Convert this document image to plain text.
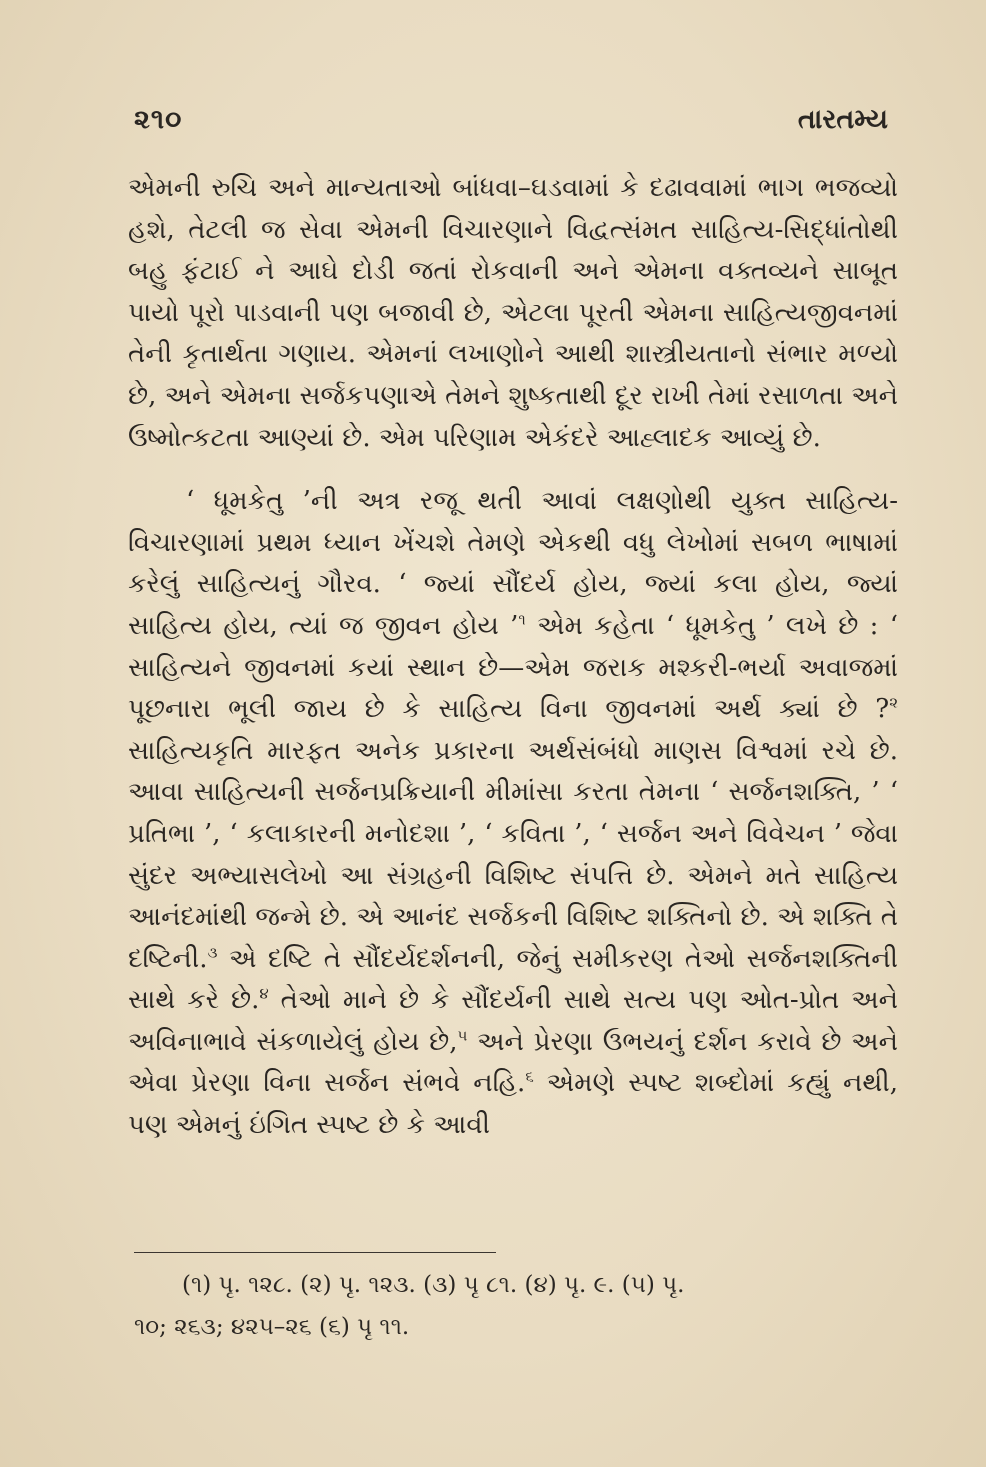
૨૧૦	તારતમ્ય

એમની રુચિ અને માન્યતાઓ બાંધવા–ઘડવામાં કે દઢાવવામાં ભાગ ભજવ્યો હશે, તેટલી જ સેવા એમની વિચારણાને વિદ્વત્સંમત સાહિત્ય-સિદ્ધાંતોથી બહુ ફંટાઈ ને આઘે દોડી જતાં રોકવાની અને એમના વક્તવ્યને સાબૂત પાયો પૂરો પાડવાની પણ બજાવી છે, એટલા પૂરતી એમના સાહિત્યજીવનમાં તેની કૃતાર્થતા ગણાય. એમનાં લખાણોને આથી શાસ્ત્રીયતાનો સંભાર મળ્યો છે, અને એમના સર્જકપણાએ તેમને શુષ્કતાથી દૂર રાખી તેમાં રસાળતા અને ઉષ્મોત્કટતા આણ્યાં છે. એમ પરિણામ એકંદરે આહ્લાદક આવ્યું છે.

‘ ધૂમકેતુ ’ની અત્ર રજૂ થતી આવાં લક્ષણોથી યુક્ત સાહિત્ય-વિચારણામાં પ્રથમ ધ્યાન ખેંચશે તેમણે એકથી વધુ લેખોમાં સબળ ભાષામાં કરેલું સાહિત્યનું ગૌરવ. ‘ જ્યાં સૌંદર્ય હોય, જ્યાં કલા હોય, જ્યાં સાહિત્ય હોય, ત્યાં જ જીવન હોય ’$^૧$ એમ કહેતા ‘ ધૂમકેતુ ’ લખે છે : ‘ સાહિત્યને જીવનમાં કયાં સ્થાન છે—એમ જરાક મશ્કરી-ભર્યા અવાજમાં પૂછનારા ભૂલી જાય છે કે સાહિત્ય વિના જીવનમાં અર્થ ક્યાં છે ?$^૨$ સાહિત્યકૃતિ મારફત અનેક પ્રકારના અર્થસંબંધો માણસ વિશ્વમાં રચે છે. આવા સાહિત્યની સર્જનપ્રક્રિયાની મીમાંસા કરતા તેમના ‘ સર્જનશક્તિ, ’ ‘ પ્રતિભા ’, ‘ કલાકારની મનોદશા ’, ‘ કવિતા ’, ‘ સર્જન અને વિવેચન ’ જેવા સુંદર અભ્યાસલેખો આ સંગ્રહની વિશિષ્ટ સંપત્તિ છે. એમને મતે સાહિત્ય આનંદમાંથી જન્મે છે. એ આનંદ સર્જકની વિશિષ્ટ શક્તિનો છે. એ શક્તિ તે દષ્ટિની.$^૩$ એ દષ્ટિ તે સૌંદર્યદર્શનની, જેનું સમીકરણ તેઓ સર્જનશક્તિની સાથે કરે છે.$^૪$ તેઓ માને છે કે સૌંદર્યની સાથે સત્ય પણ ઓત-પ્રોત અને અવિનાભાવે સંકળાયેલું હોય છે,$^૫$ અને પ્રેરણા ઉભયનું દર્શન કરાવે છે અને એવા પ્રેરણા વિના સર્જન સંભવે નહિ.$^૬$ એમણે સ્પષ્ટ શબ્દોમાં કહ્યું નથી, પણ એમનું ઇંગિત સ્પષ્ટ છે કે આવી

(૧) પૃ. ૧૨૮. (૨) પૃ. ૧૨૩. (૩) પૃ ૮૧. (૪) પૃ. ૯. (૫) પૃ.
૧૦; ૨૬૩; ૪૨૫–૨૬ (૬) પૃ ૧૧.
